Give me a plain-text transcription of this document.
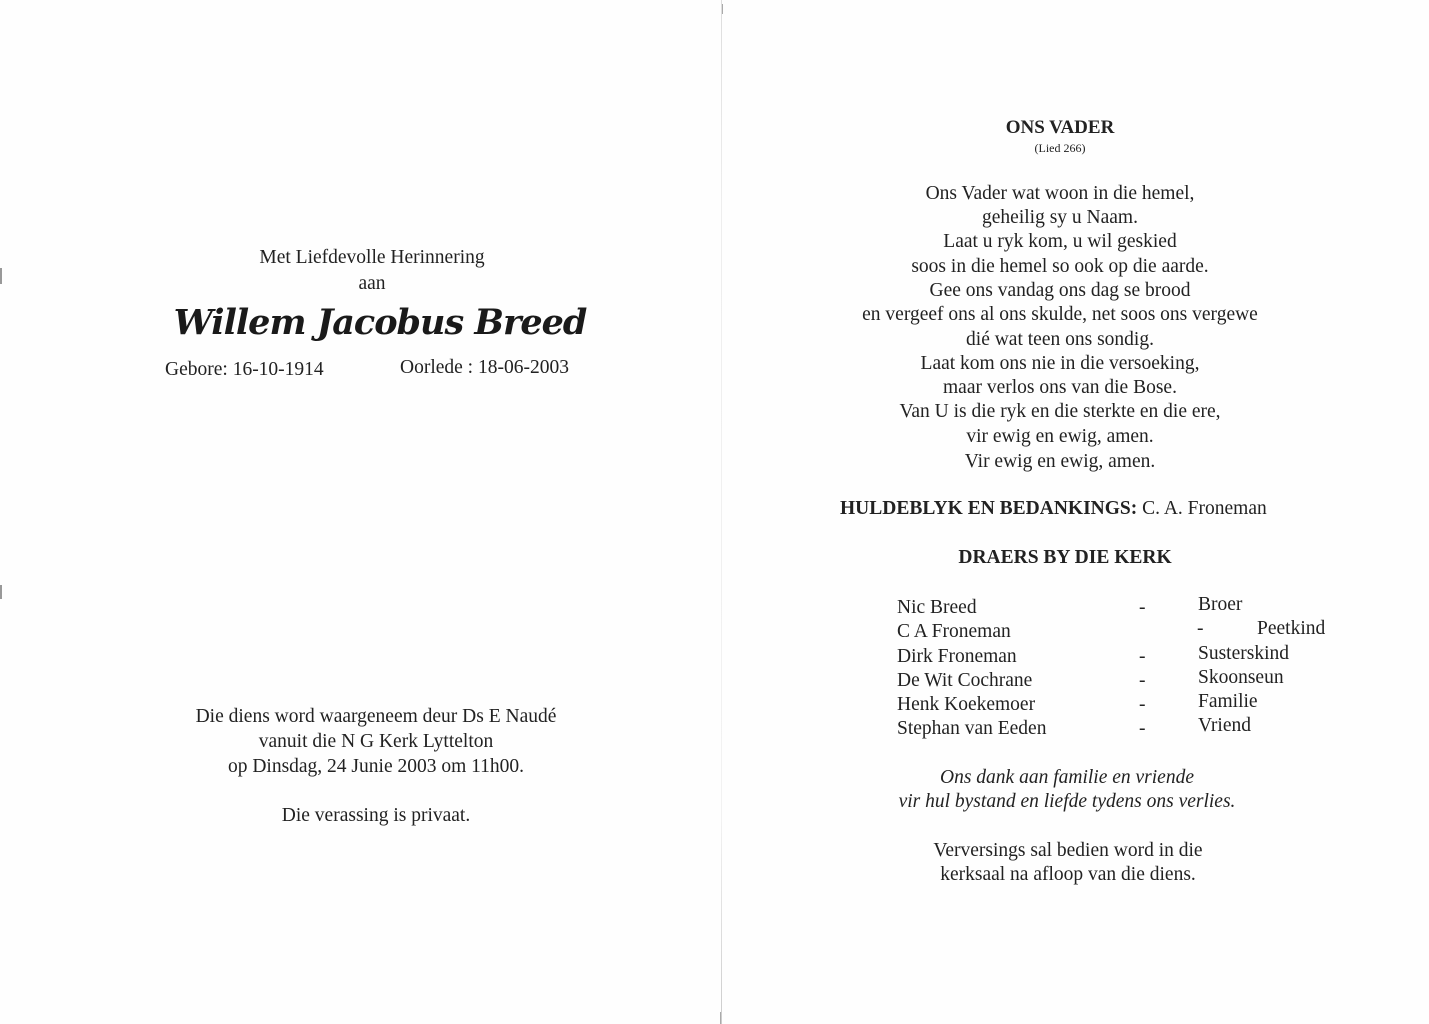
Met Liefdevolle Herinnering
aan
Willem Jacobus Breed
Gebore: 16-10-1914	Oorlede : 18-06-2003
Die diens word waargeneem deur Ds E Naudé
vanuit die N G Kerk Lyttelton
op Dinsdag, 24 Junie 2003 om 11h00.
Die verassing is privaat.
ONS VADER
(Lied 266)
Ons Vader wat woon in die hemel,
geheilig sy u Naam.
Laat u ryk kom, u wil geskied
soos in die hemel so ook op die aarde.
Gee ons vandag ons dag se brood
en vergeef ons al ons skulde, net soos ons vergewe
dié wat teen ons sondig.
Laat kom ons nie in die versoeking,
maar verlos ons van die Bose.
Van U is die ryk en die sterkte en die ere,
vir ewig en ewig, amen.
Vir ewig en ewig, amen.
HULDEBLYK EN BEDANKINGS: C. A. Froneman
DRAERS BY DIE KERK
Nic Breed	-	Broer
C A Froneman	-	Peetkind
Dirk Froneman	-	Susterskind
De Wit Cochrane	-	Skoonseun
Henk Koekemoer	-	Familie
Stephan van Eeden	-	Vriend
Ons dank aan familie en vriende
vir hul bystand en liefde tydens ons verlies.
Verversings sal bedien word in die
kerksaal na afloop van die diens.
